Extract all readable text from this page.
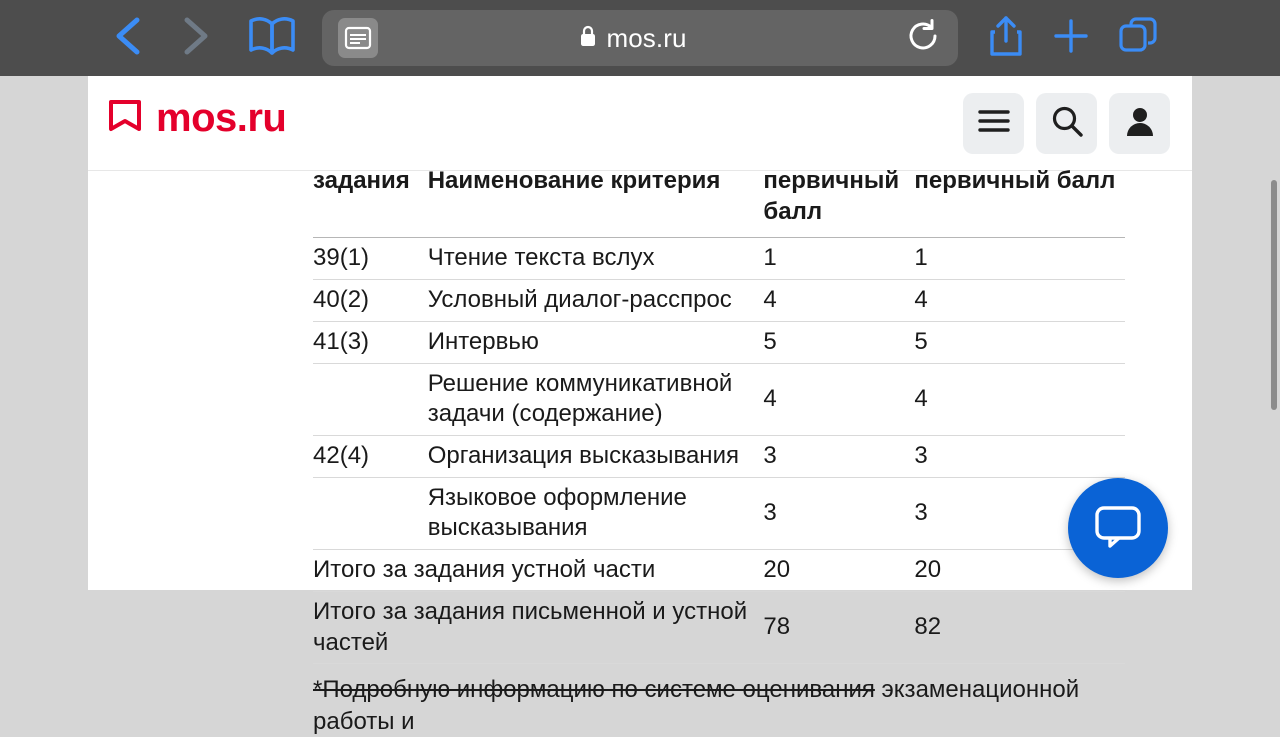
mos.ru
mos.ru
задания	Наименование критерия	первичный балл	первичный балл
39(1)	Чтение текста вслух	1	1
40(2)	Условный диалог-расспрос	4	4
41(3)	Интервью	5	5
	Решение коммуникативной задачи (содержание)	4	4
42(4)	Организация высказывания	3	3
	Языковое оформление высказывания	3	3
Итого за задания устной части		20	20
Итого за задания письменной и устной частей		78	82
*Подробную информацию по системе оценивания экзаменационной работы и
